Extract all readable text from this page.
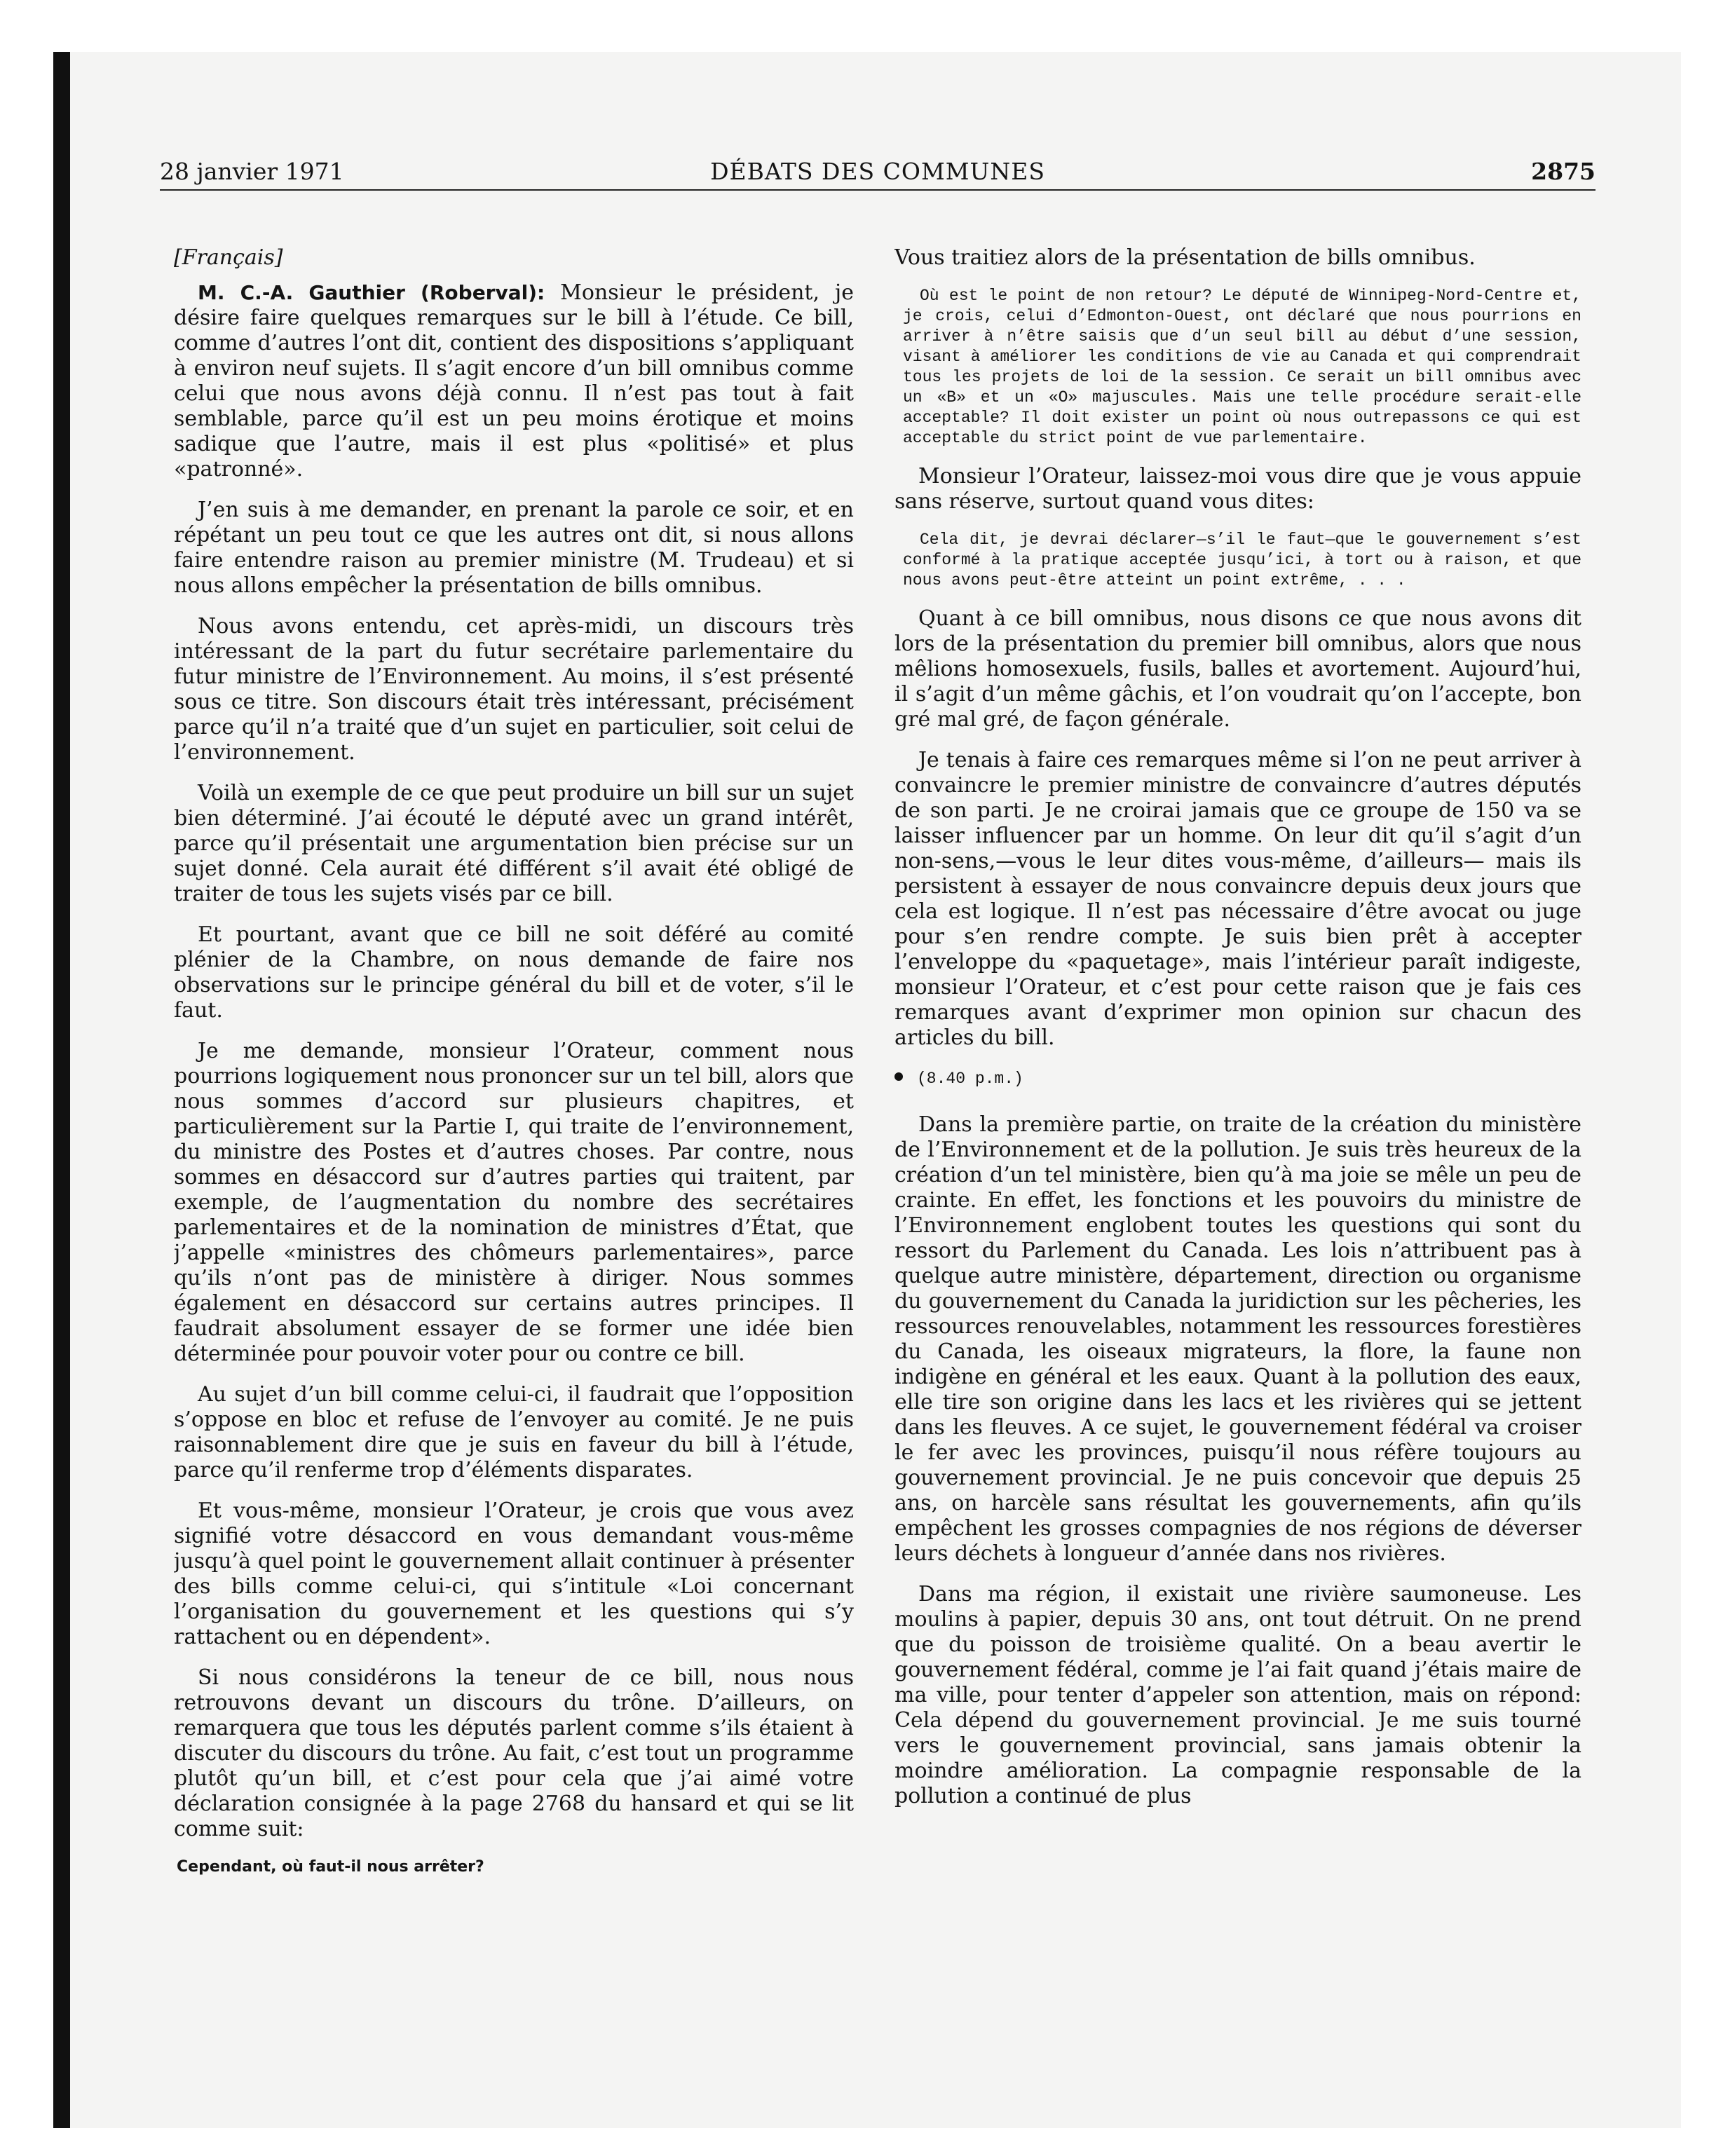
28 janvier 1971	DÉBATS DES COMMUNES	2875

[Français]

M. C.-A. Gauthier (Roberval): Monsieur le président, je désire faire quelques remarques sur le bill à l’étude. Ce bill, comme d’autres l’ont dit, contient des dispositions s’appliquant à environ neuf sujets. Il s’agit encore d’un bill omnibus comme celui que nous avons déjà connu. Il n’est pas tout à fait semblable, parce qu’il est un peu moins érotique et moins sadique que l’autre, mais il est plus «politisé» et plus «patronné».

J’en suis à me demander, en prenant la parole ce soir, et en répétant un peu tout ce que les autres ont dit, si nous allons faire entendre raison au premier ministre (M. Trudeau) et si nous allons empêcher la présentation de bills omnibus.

Nous avons entendu, cet après-midi, un discours très intéressant de la part du futur secrétaire parlementaire du futur ministre de l’Environnement. Au moins, il s’est présenté sous ce titre. Son discours était très intéressant, précisément parce qu’il n’a traité que d’un sujet en particulier, soit celui de l’environnement.

Voilà un exemple de ce que peut produire un bill sur un sujet bien déterminé. J’ai écouté le député avec un grand intérêt, parce qu’il présentait une argumentation bien précise sur un sujet donné. Cela aurait été différent s’il avait été obligé de traiter de tous les sujets visés par ce bill.

Et pourtant, avant que ce bill ne soit déféré au comité plénier de la Chambre, on nous demande de faire nos observations sur le principe général du bill et de voter, s’il le faut.

Je me demande, monsieur l’Orateur, comment nous pourrions logiquement nous prononcer sur un tel bill, alors que nous sommes d’accord sur plusieurs chapitres, et particulièrement sur la Partie I, qui traite de l’environnement, du ministre des Postes et d’autres choses. Par contre, nous sommes en désaccord sur d’autres parties qui traitent, par exemple, de l’augmentation du nombre des secrétaires parlementaires et de la nomination de ministres d’État, que j’appelle «ministres des chômeurs parlementaires», parce qu’ils n’ont pas de ministère à diriger. Nous sommes également en désaccord sur certains autres principes. Il faudrait absolument essayer de se former une idée bien déterminée pour pouvoir voter pour ou contre ce bill.

Au sujet d’un bill comme celui-ci, il faudrait que l’opposition s’oppose en bloc et refuse de l’envoyer au comité. Je ne puis raisonnablement dire que je suis en faveur du bill à l’étude, parce qu’il renferme trop d’éléments disparates.

Et vous-même, monsieur l’Orateur, je crois que vous avez signifié votre désaccord en vous demandant vous-même jusqu’à quel point le gouvernement allait continuer à présenter des bills comme celui-ci, qui s’intitule «Loi concernant l’organisation du gouvernement et les questions qui s’y rattachent ou en dépendent».

Si nous considérons la teneur de ce bill, nous nous retrouvons devant un discours du trône. D’ailleurs, on remarquera que tous les députés parlent comme s’ils étaient à discuter du discours du trône. Au fait, c’est tout un programme plutôt qu’un bill, et c’est pour cela que j’ai aimé votre déclaration consignée à la page 2768 du hansard et qui se lit comme suit:

Cependant, où faut-il nous arrêter?

Vous traitiez alors de la présentation de bills omnibus.

Où est le point de non retour? Le député de Winnipeg-Nord-Centre et, je crois, celui d’Edmonton-Ouest, ont déclaré que nous pourrions en arriver à n’être saisis que d’un seul bill au début d’une session, visant à améliorer les conditions de vie au Canada et qui comprendrait tous les projets de loi de la session. Ce serait un bill omnibus avec un «B» et un «O» majuscules. Mais une telle procédure serait-elle acceptable? Il doit exister un point où nous outrepassons ce qui est acceptable du strict point de vue parlementaire.

Monsieur l’Orateur, laissez-moi vous dire que je vous appuie sans réserve, surtout quand vous dites:

Cela dit, je devrai déclarer—s’il le faut—que le gouvernement s’est conformé à la pratique acceptée jusqu’ici, à tort ou à raison, et que nous avons peut-être atteint un point extrême, . . .

Quant à ce bill omnibus, nous disons ce que nous avons dit lors de la présentation du premier bill omnibus, alors que nous mêlions homosexuels, fusils, balles et avortement. Aujourd’hui, il s’agit d’un même gâchis, et l’on voudrait qu’on l’accepte, bon gré mal gré, de façon générale.

Je tenais à faire ces remarques même si l’on ne peut arriver à convaincre le premier ministre de convaincre d’autres députés de son parti. Je ne croirai jamais que ce groupe de 150 va se laisser influencer par un homme. On leur dit qu’il s’agit d’un non-sens,—vous le leur dites vous-même, d’ailleurs— mais ils persistent à essayer de nous convaincre depuis deux jours que cela est logique. Il n’est pas nécessaire d’être avocat ou juge pour s’en rendre compte. Je suis bien prêt à accepter l’enveloppe du «paquetage», mais l’intérieur paraît indigeste, monsieur l’Orateur, et c’est pour cette raison que je fais ces remarques avant d’exprimer mon opinion sur chacun des articles du bill.

(8.40 p.m.)

Dans la première partie, on traite de la création du ministère de l’Environnement et de la pollution. Je suis très heureux de la création d’un tel ministère, bien qu’à ma joie se mêle un peu de crainte. En effet, les fonctions et les pouvoirs du ministre de l’Environnement englobent toutes les questions qui sont du ressort du Parlement du Canada. Les lois n’attribuent pas à quelque autre ministère, département, direction ou organisme du gouvernement du Canada la juridiction sur les pêcheries, les ressources renouvelables, notamment les ressources forestières du Canada, les oiseaux migrateurs, la flore, la faune non indigène en général et les eaux. Quant à la pollution des eaux, elle tire son origine dans les lacs et les rivières qui se jettent dans les fleuves. A ce sujet, le gouvernement fédéral va croiser le fer avec les provinces, puisqu’il nous réfère toujours au gouvernement provincial. Je ne puis concevoir que depuis 25 ans, on harcèle sans résultat les gouvernements, afin qu’ils empêchent les grosses compagnies de nos régions de déverser leurs déchets à longueur d’année dans nos rivières.

Dans ma région, il existait une rivière saumoneuse. Les moulins à papier, depuis 30 ans, ont tout détruit. On ne prend que du poisson de troisième qualité. On a beau avertir le gouvernement fédéral, comme je l’ai fait quand j’étais maire de ma ville, pour tenter d’appeler son attention, mais on répond: Cela dépend du gouvernement provincial. Je me suis tourné vers le gouvernement provincial, sans jamais obtenir la moindre amélioration. La compagnie responsable de la pollution a continué de plus
